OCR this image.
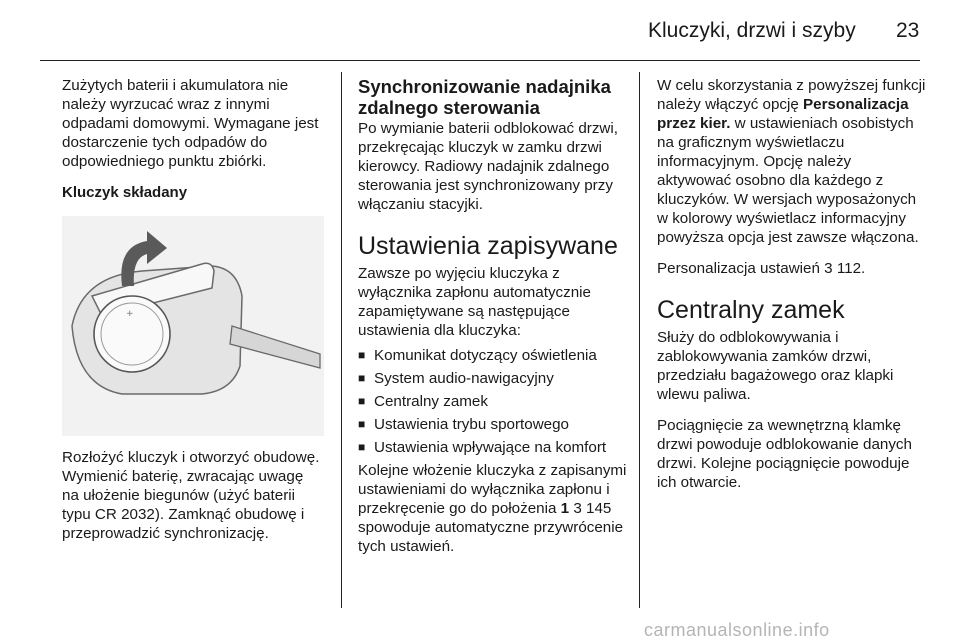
Kluczyki, drzwi i szyby 23

Zużytych baterii i akumulatora nie należy wyrzucać wraz z innymi odpadami domowymi. Wymagane jest dostarczenie tych odpadów do odpowiedniego punktu zbiórki.

Kluczyk składany
+

Rozłożyć kluczyk i otworzyć obudowę. Wymienić baterię, zwracając uwagę na ułożenie biegunów (użyć baterii typu CR 2032). Zamknąć obudowę i przeprowadzić synchronizację.

Synchronizowanie nadajnika zdalnego sterowania

Po wymianie baterii odblokować drzwi, przekręcając kluczyk w zamku drzwi kierowcy. Radiowy nadajnik zdalnego sterowania jest synchronizowany przy włączaniu stacyjki.

Ustawienia zapisywane

Zawsze po wyjęciu kluczyka z wyłącznika zapłonu automatycznie zapamiętywane są następujące ustawienia dla kluczyka:

■ Komunikat dotyczący oświetlenia
■ System audio-nawigacyjny
■ Centralny zamek
■ Ustawienia trybu sportowego
■ Ustawienia wpływające na komfort

Kolejne włożenie kluczyka z zapisanymi ustawieniami do wyłącznika zapłonu i przekręcenie go do położenia 1 3 145 spowoduje automatyczne przywrócenie tych ustawień.

W celu skorzystania z powyższej funkcji należy włączyć opcję Personalizacja przez kier. w ustawieniach osobistych na graficznym wyświetlaczu informacyjnym. Opcję należy aktywować osobno dla każdego z kluczyków. W wersjach wyposażonych w kolorowy wyświetlacz informacyjny powyższa opcja jest zawsze włączona.

Personalizacja ustawień 3 112.

Centralny zamek

Służy do odblokowywania i zablokowywania zamków drzwi, przedziału bagażowego oraz klapki wlewu paliwa.

Pociągnięcie za wewnętrzną klamkę drzwi powoduje odblokowanie danych drzwi. Kolejne pociągnięcie powoduje ich otwarcie.

carmanualsonline.info
